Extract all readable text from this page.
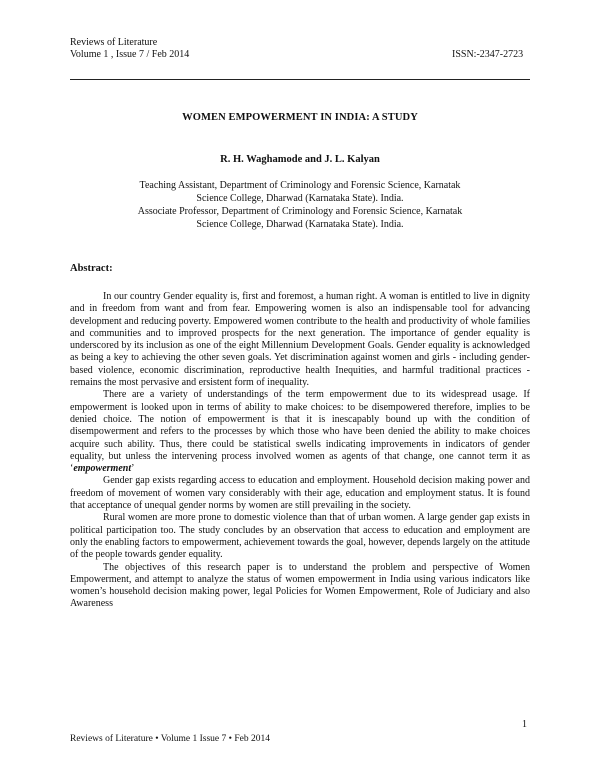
Reviews of Literature
Volume 1 , Issue 7 / Feb 2014	ISSN:-2347-2723
WOMEN EMPOWERMENT IN INDIA: A STUDY
R. H. Waghamode and J. L. Kalyan
Teaching Assistant, Department of Criminology and Forensic Science, Karnatak
Science College, Dharwad (Karnataka State). India.
Associate Professor, Department of Criminology and Forensic Science, Karnatak
Science College, Dharwad (Karnataka State). India.
Abstract:

In our country Gender equality is, first and foremost, a human right. A woman is entitled to live in dignity and in freedom from want and from fear. Empowering women is also an indispensable tool for advancing development and reducing poverty. Empowered women contribute to the health and productivity of whole families and communities and to improved prospects for the next generation. The importance of gender equality is underscored by its inclusion as one of the eight Millennium Development Goals. Gender equality is acknowledged as being a key to achieving the other seven goals. Yet discrimination against women and girls - including gender-based violence, economic discrimination, reproductive health Inequities, and harmful traditional practices - remains the most pervasive and ersistent form of inequality.

There are a variety of understandings of the term empowerment due to its widespread usage. If empowerment is looked upon in terms of ability to make choices: to be disempowered therefore, implies to be denied choice. The notion of empowerment is that it is inescapably bound up with the condition of disempowerment and refers to the processes by which those who have been denied the ability to make choices acquire such ability. Thus, there could be statistical swells indicating improvements in indicators of gender equality, but unless the intervening process involved women as agents of that change, one cannot term it as ‘empowerment’

Gender gap exists regarding access to education and employment. Household decision making power and freedom of movement of women vary considerably with their age, education and employment status. It is found that acceptance of unequal gender norms by women are still prevailing in the society.

Rural women are more prone to domestic violence than that of urban women. A large gender gap exists in political participation too. The study concludes by an observation that access to education and employment are only the enabling factors to empowerment, achievement towards the goal, however, depends largely on the attitude of the people towards gender equality.

The objectives of this research paper is to understand the problem and perspective of Women Empowerment, and attempt to analyze the status of women empowerment in India using various indicators like women’s household decision making power, legal Policies for Women Empowerment, Role of Judiciary and also Awareness

1
Reviews of Literature • Volume 1 Issue 7 • Feb 2014
